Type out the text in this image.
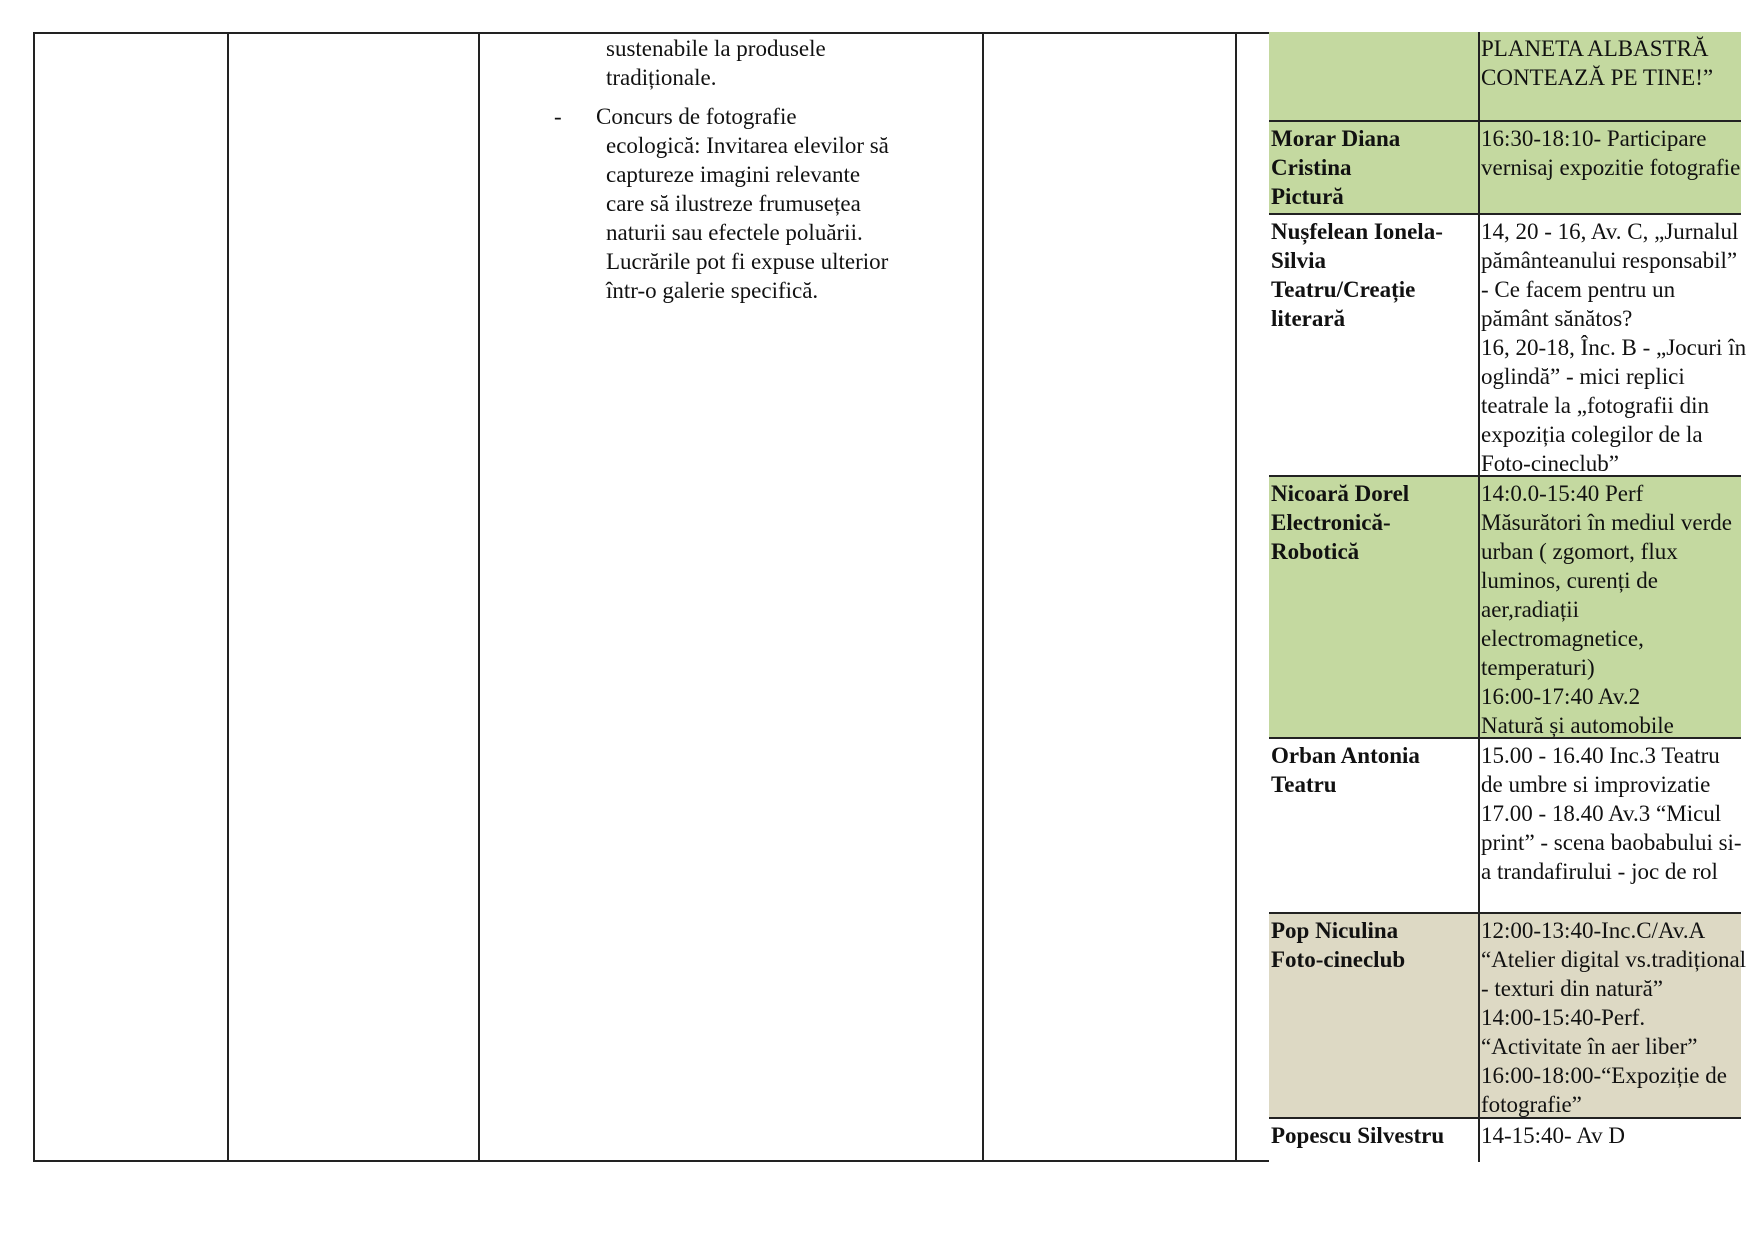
sustenabile la produsele
tradiționale.
- Concurs de fotografie
ecologică: Invitarea elevilor să
captureze imagini relevante
care să ilustreze frumusețea
naturii sau efectele poluării.
Lucrările pot fi expuse ulterior
într-o galerie specifică.
PLANETA ALBASTRĂ
CONTEAZĂ PE TINE!”
Morar Diana
Cristina
Pictură
16:30-18:10- Participare
vernisaj expozitie fotografie
Nușfelean Ionela-
Silvia
Teatru/Creație
literară
14, 20 - 16, Av. C, „Jurnalul
pământeanului responsabil”
- Ce facem pentru un
pământ sănătos?
16, 20-18, Înc. B - „Jocuri în
oglindă” - mici replici
teatrale la „fotografii din
expoziția colegilor de la
Foto-cineclub”
Nicoară Dorel
Electronică-
Robotică
14:0.0-15:40 Perf
Măsurători în mediul verde
urban ( zgomort, flux
luminos, curenți de
aer,radiații
electromagnetice,
temperaturi)
16:00-17:40 Av.2
Natură și automobile
Orban Antonia
Teatru
15.00 - 16.40 Inc.3 Teatru
de umbre si improvizatie
17.00 - 18.40 Av.3 “Micul
print” - scena baobabului si-
a trandafirului - joc de rol
Pop Niculina
Foto-cineclub
12:00-13:40-Inc.C/Av.A
“Atelier digital vs.tradițional
- texturi din natură”
14:00-15:40-Perf.
“Activitate în aer liber”
16:00-18:00-“Expoziție de
fotografie”
Popescu Silvestru	14-15:40- Av D
